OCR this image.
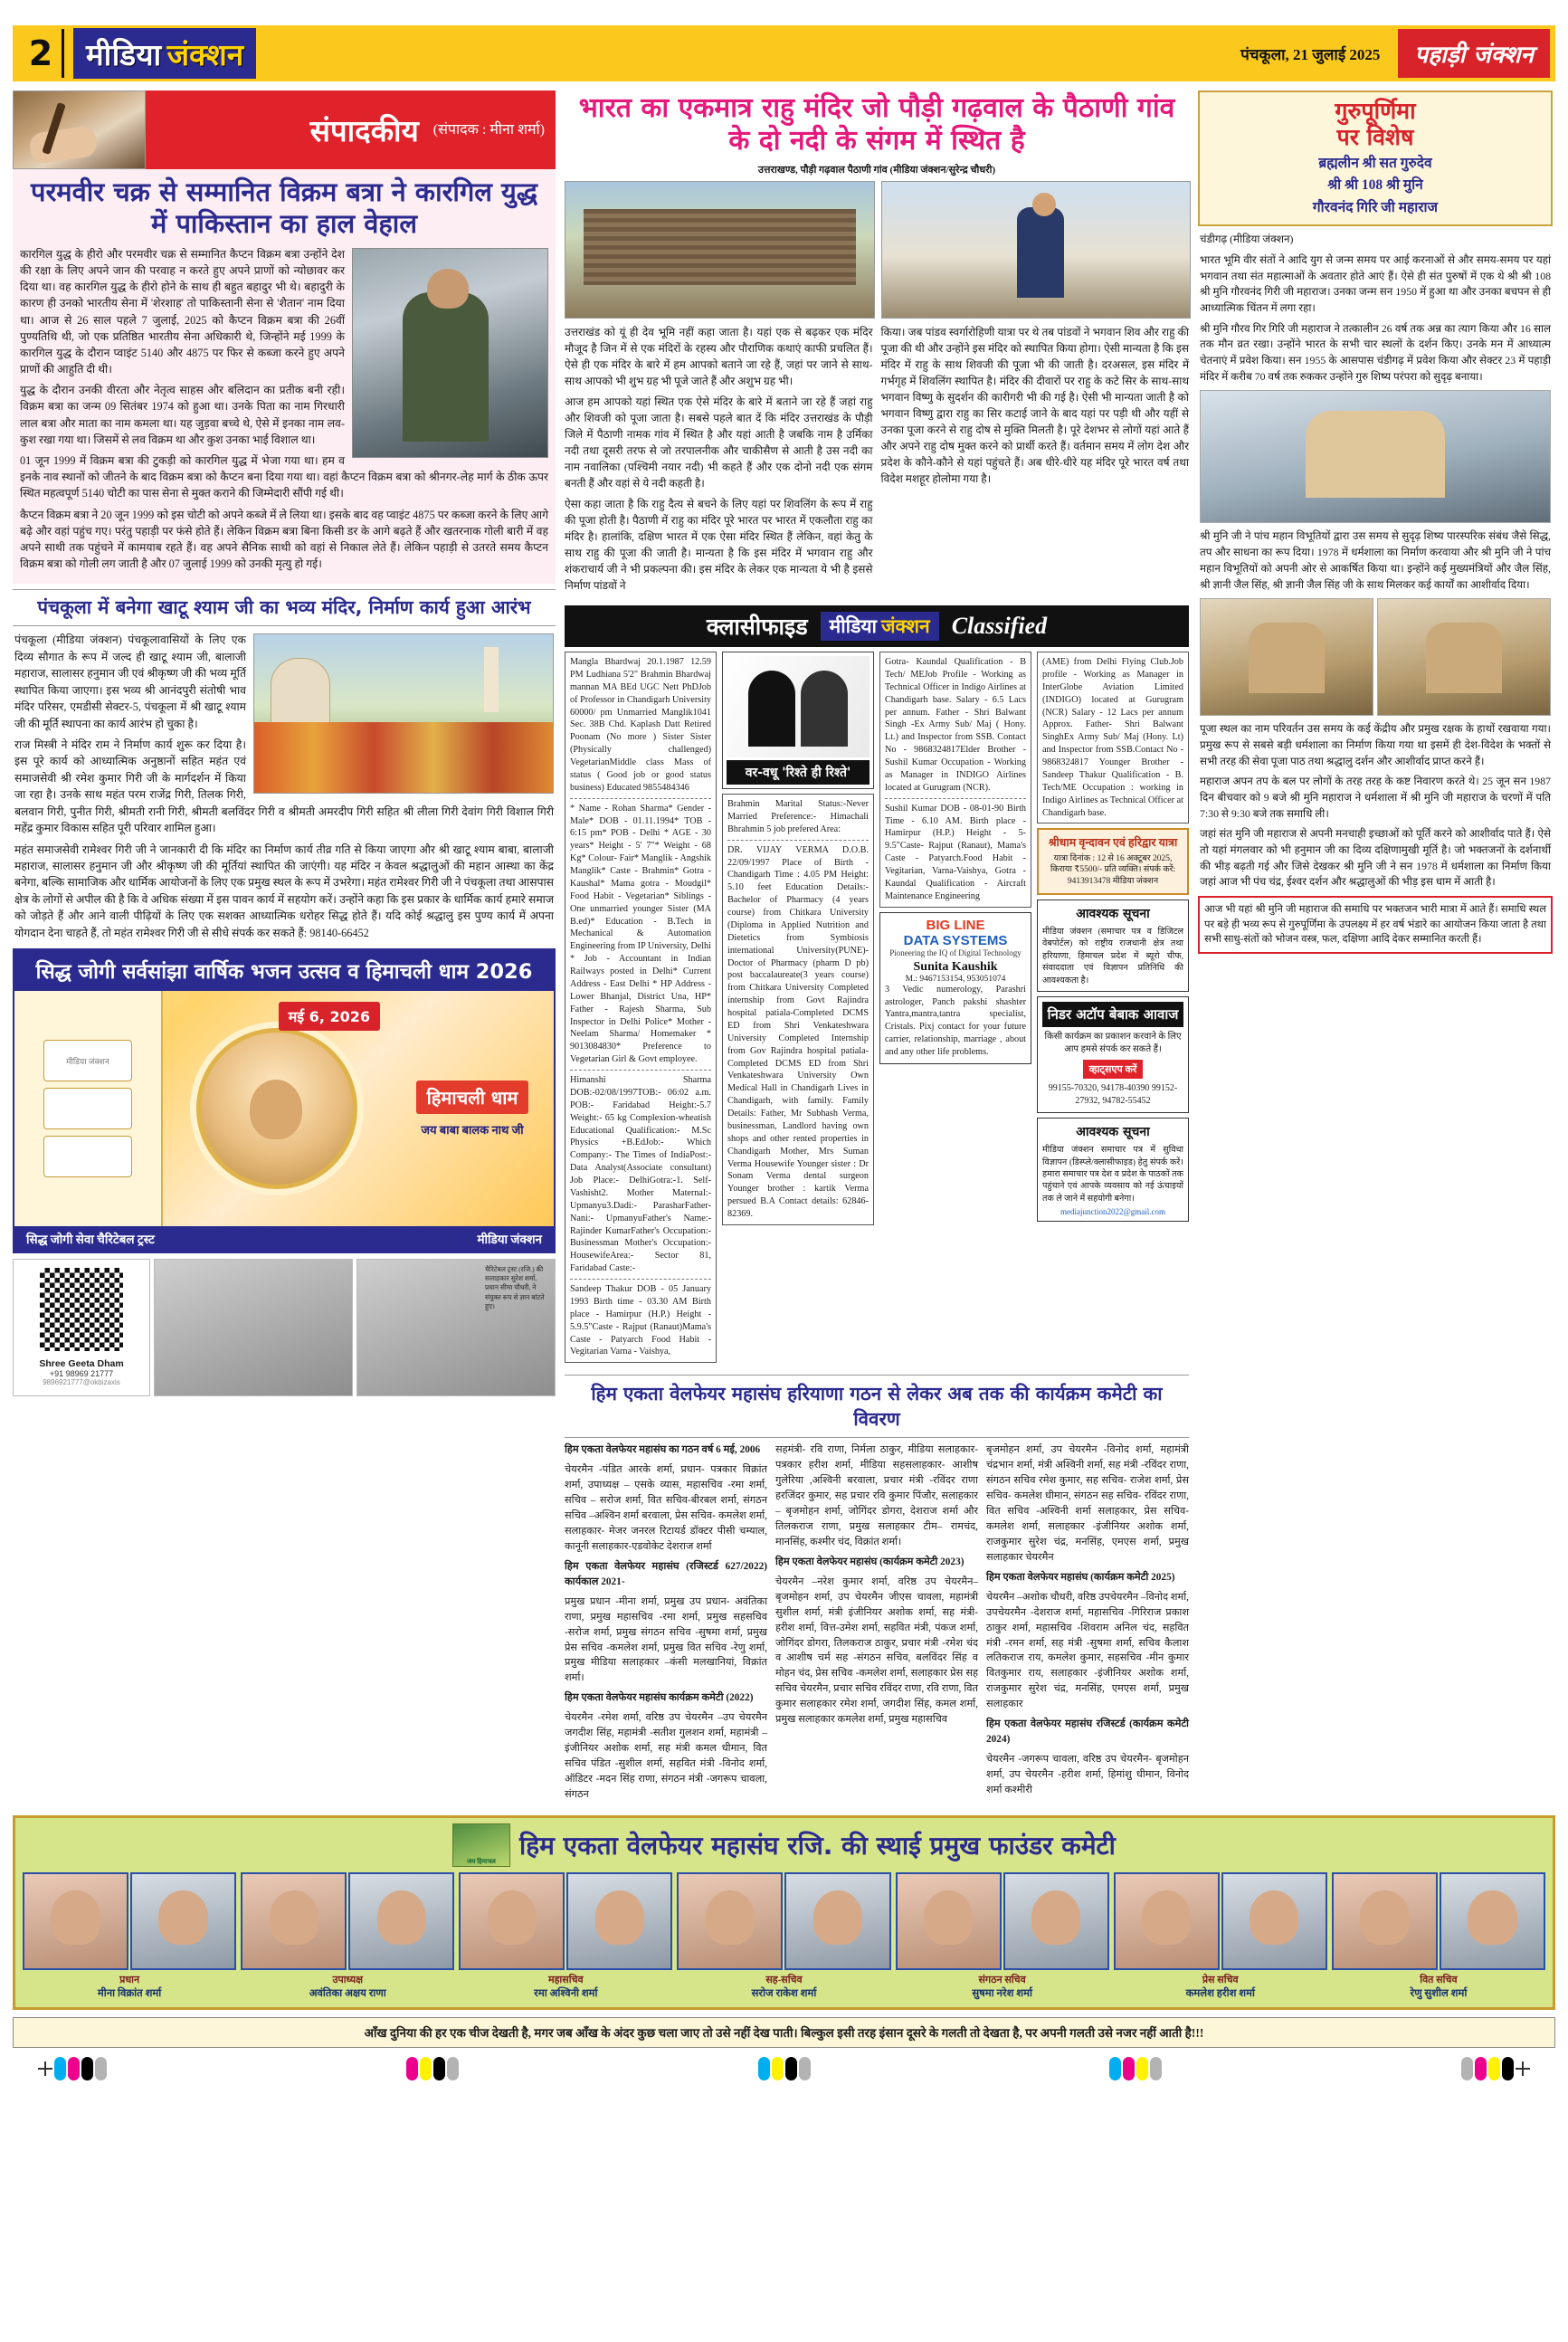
2	मीडिया जंक्शन	पंचकूला, 21 जुलाई 2025	पहाड़ी जंक्शन
संपादकीय (संपादक : मीना शर्मा)
परमवीर चक्र से सम्मानित विक्रम बत्रा ने कारगिल युद्ध में पाकिस्तान का हाल वेहाल

कारगिल युद्ध के हीरो और परमवीर चक्र से सम्मानित कैप्टन विक्रम बत्रा उन्होंने देश की रक्षा के लिए अपने जान की परवाह न करते हुए अपने प्राणों को न्योछावर कर दिया था। वह कारगिल युद्ध के हीरो होने के साथ ही बहुत बहादुर भी थे। बहादुरी के कारण ही उनको भारतीय सेना में 'शेरशाह' तो पाकिस्तानी सेना से 'शैतान' नाम दिया था। आज से 26 साल पहले 7 जुलाई, 2025 को कैप्टन विक्रम बत्रा की 26वीं पुण्यतिथि थी, जो एक प्रतिष्ठित भारतीय सेना अधिकारी थे, जिन्होंने मई 1999 के कारगिल युद्ध के दौरान प्वाइंट 5140 और 4875 पर फिर से कब्जा करने हुए अपने प्राणों की आहुति दी थी।

युद्ध के दौरान उनकी वीरता और नेतृत्व साहस और बलिदान का प्रतीक बनी रही। विक्रम बत्रा का जन्म 09 सितंबर 1974 को हुआ था। उनके पिता का नाम गिरधारी लाल बत्रा और माता का नाम कमला था। यह जुड़वा बच्चे थे, ऐसे में इनका नाम लव-कुश रखा गया था। जिसमें से लव विक्रम था और कुश उनका भाई विशाल था।

01 जून 1999 में विक्रम बत्रा की टुकड़ी को कारगिल युद्ध में भेजा गया था। हम व इनके नाव स्थानों को जीतने के बाद विक्रम बत्रा को कैप्टन बना दिया गया था। वहां कैप्टन विक्रम बत्रा को श्रीनगर-लेह मार्ग के ठीक ऊपर स्थित महत्वपूर्ण 5140 चोटी का पास सेना से मुक्त कराने की जिम्मेदारी सौंपी गई थी।

कैप्टन विक्रम बत्रा ने 20 जून 1999 को इस चोटी को अपने कब्जे में ले लिया था। इसके बाद वह प्वाइंट 4875 पर कब्जा करने के लिए आगे बढ़े और वहां पहुंच गए। परंतु पहाड़ी पर फंसे होते हैं। लेकिन विक्रम बत्रा बिना किसी डर के आगे बढ़ते हैं और खतरनाक गोली बारी में वह अपने साथी तक पहुंचने में कामयाब रहते हैं। वह अपने सैनिक साथी को वहां से निकाल लेते हैं। लेकिन पहाड़ी से उतरते समय कैप्टन विक्रम बत्रा को गोली लग जाती है और 07 जुलाई 1999 को उनकी मृत्यु हो गई।

पंचकूला में बनेगा खाटू श्याम जी का भव्य मंदिर, निर्माण कार्य हुआ आरंभ

पंचकूला (मीडिया जंक्शन) पंचकूलावासियों के लिए एक दिव्य सौगात के रूप में जल्द ही खाटू श्याम जी, बालाजी महाराज, सालासर हनुमान जी एवं श्रीकृष्ण जी की भव्य मूर्ति स्थापित किया जाएगा। इस भव्य श्री आनंदपुरी संतोषी भाव मंदिर परिसर, एमडीसी सेक्टर-5, पंचकूला में श्री खाटू श्याम जी की मूर्ति स्थापना का कार्य आरंभ हो चुका है।

राज मिस्त्री ने मंदिर राम ने निर्माण कार्य शुरू कर दिया है। इस पूरे कार्य को आध्यात्मिक अनुष्ठानों सहित महंत एवं समाजसेवी श्री रमेश कुमार गिरी जी के मार्गदर्शन में किया जा रहा है। उनके साथ महंत परम राजेंद्र गिरी, तिलक गिरी, बलवान गिरी, पुनीत गिरी, श्रीमती रानी गिरी, श्रीमती बलविंदर गिरी व श्रीमती अमरदीप गिरी सहित श्री लीला गिरी देवांग गिरी विशाल गिरी महेंद्र कुमार विकास सहित पूरी परिवार शामिल हुआ।

महंत समाजसेवी रामेश्वर गिरी जी ने जानकारी दी कि मंदिर का निर्माण कार्य तीव्र गति से किया जाएगा और श्री खाटू श्याम बाबा, बालाजी महाराज, सालासर हनुमान जी और श्रीकृष्ण जी की मूर्तियां स्थापित की जाएंगी। यह मंदिर न केवल श्रद्धालुओं की महान आस्था का केंद्र बनेगा, बल्कि सामाजिक और धार्मिक आयोजनों के लिए एक प्रमुख स्थल के रूप में उभरेगा। महंत रामेश्वर गिरी जी ने पंचकूला तथा आसपास क्षेत्र के लोगों से अपील की है कि वे अधिक संख्या में इस पावन कार्य में सहयोग करें। उन्होंने कहा कि इस प्रकार के धार्मिक कार्य हमारे समाज को जोड़ते हैं और आने वाली पीढ़ियों के लिए एक सशक्त आध्यात्मिक धरोहर सिद्ध होते हैं। यदि कोई श्रद्धालु इस पुण्य कार्य में अपना योगदान देना चाहते हैं, तो महंत रामेश्वर गिरी जी से सीधे संपर्क कर सकते हैं: 98140-66452

सिद्ध जोगी सर्वसांझा वार्षिक भजन उत्सव व हिमाचली धाम 2026
मीडिया जंक्शन
मई 6, 2026
हिमाचली धाम
जय बाबा बालक नाथ जी
सिद्ध जोगी सेवा चैरिटेबल ट्रस्ट	मीडिया जंक्शन
Shree Geeta Dham
+91 98969 21777
9896921777@okbizaxis
चैरिटेबल ट्रस्ट (रजि.) की सलाहकार सुरेश शर्मा, प्रधान सीमा चौधरी, ने संयुक्त रूप से ज्ञान बांटते हुए।
भारत का एकमात्र राहु मंदिर जो पौड़ी गढ़वाल के पैठाणी गांव के दो नदी के संगम में स्थित है
उत्तराखण्ड, पौड़ी गढ़वाल पैठाणी गांव (मीडिया जंक्शन/सुरेन्द्र चौधरी)

उत्तराखंड को यूं ही देव भूमि नहीं कहा जाता है। यहां एक से बढ़कर एक मंदिर मौजूद है जिन में से एक मंदिरों के रहस्य और पौराणिक कथाएं काफी प्रचलित हैं। ऐसे ही एक मंदिर के बारे में हम आपको बताने जा रहे हैं, जहां पर जाने से साथ-साथ आपको भी शुभ ग्रह भी पूजे जाते हैं और अशुभ ग्रह भी।

आज हम आपको यहां स्थित एक ऐसे मंदिर के बारे में बताने जा रहे हैं जहां राहु और शिवजी को पूजा जाता है। सबसे पहले बात दें कि मंदिर उत्तराखंड के पौड़ी जिले में पैठाणी नामक गांव में स्थित है और यहां आती है जबकि नाम है उर्मिका नदी तथा दूसरी तरफ से जो तरपालनीक और चाकीसैण से आती है उस नदी का नाम नवालिका (पश्चिमी नयार नदी) भी कहते हैं और एक दोनो नदी एक संगम बनती हैं और वहां से ये नदी कहती है।

ऐसा कहा जाता है कि राहु दैत्य से बचने के लिए यहां पर शिवलिंग के रूप में राहु की पूजा होती है। पैठाणी में राहु का मंदिर पूरे भारत पर भारत में एकलौता राहु का मंदिर है। हालांकि, दक्षिण भारत में एक ऐसा मंदिर स्थित हैं लेकिन, वहां केतु के साथ राहु की पूजा की जाती है। मान्यता है कि इस मंदिर में भगवान राहु और शंकराचार्य जी ने भी प्रकल्पना की। इस मंदिर के लेकर एक मान्यता ये भी है इससे निर्माण पांडवों ने

किया। जब पांडव स्वर्गारोहिणी यात्रा पर थे तब पांडवों ने भगवान शिव और राहु की पूजा की थी और उन्होंने इस मंदिर को स्थापित किया होगा। ऐसी मान्यता है कि इस मंदिर में राहु के साथ शिवजी की पूजा भी की जाती है। दरअसल, इस मंदिर में गर्भगृह में शिवलिंग स्थापित है। मंदिर की दीवारों पर राहु के कटे सिर के साथ-साथ भगवान विष्णु के सुदर्शन की कारीगरी भी की गई है। ऐसी भी मान्यता जाती है को भगवान विष्णु द्वारा राहु का सिर कटाई जाने के बाद यहां पर पड़ी थी और यहीं से उनका पूजा करने से राहु दोष से मुक्ति मिलती है। पूरे देशभर से लोगों यहां आते हैं और अपने राहु दोष मुक्त करने को प्रार्थी करते हैं। वर्तमान समय में लोग देश और प्रदेश के कौने-कौने से यहां पहुंचते हैं। अब धीरे-धीरे यह मंदिर पूरे भारत वर्ष तथा विदेश मशहूर होलोमा गया है।

क्लासीफाइड मीडिया जंक्शन Classified
Mangla Bhardwaj 20.1.1987 12.59 PM Ludhiana 5'2" Brahmin Bhardwaj mannan MA BEd UGC Nett PhDJob of Professor in Chandigarh University 60000/ pm Unmarried Manglik1041 Sec. 38B Chd. Kaplash Datt Retired Poonam (No more ) Sister Sister (Physically challenged) VegetarianMiddle class Mass of status ( Good job or good status business) Educated 9855484346
* Name - Rohan Sharma* Gender - Male* DOB - 01.11.1994* TOB - 6:15 pm* POB - Delhi * AGE - 30 years* Height - 5' 7"* Weight - 68 Kg* Colour- Fair* Manglik - Angshik Manglik* Caste - Brahmin* Gotra - Kaushal* Mama gotra - Moudgil* Food Habit - Vegetarian* Siblings - One unmarried younger Sister (MA B.ed)* Education - B.Tech in Mechanical & Automation Engineering from IP University, Delhi * Job - Accountant in Indian Railways posted in Delhi* Current Address - East Delhi * HP Address - Lower Bhanjal, District Una, HP* Father - Rajesh Sharma, Sub Inspector in Delhi Police* Mother - Neelam Sharma/ Homemaker * 9013084830* Preference to Vegetarian Girl & Govt employee.
Himanshi Sharma DOB:-02/08/1997TOB:- 06:02 a.m. POB:- Faridabad Height:-5.7 Weight:- 65 kg Complexion-wheatish Educational Qualification:- M.Sc Physics +B.EdJob:- Which Company:- The Times of IndiaPost:- Data Analyst(Associate consultant) Job Place:- DelhiGotra:-1. Self-Vashisht2. Mother Maternal:-Upmanyu3.Dadi:- ParasharFather-Nani:- UpmanyuFather's Name:- Rajinder KumarFather's Occupation:- Businessman Mother's Occupation:- HousewifeArea:- Sector 81, Faridabad Caste:-
Sandeep Thakur DOB - 05 January 1993 Birth time - 03.30 AM Birth place - Hamirpur (H.P.) Height - 5.9.5"Caste - Rajput (Ranaut)Mama's Caste - Patyarch Food Habit - Vegitarian Varna - Vaishya,
वर-वधू 'रिश्ते ही रिश्ते'
Brahmin Marital Status:-Never Married Preference:- Himachali Bhrahmin 5 job prefered Area:
DR. VIJAY VERMA D.O.B. 22/09/1997 Place of Birth - Chandigarh Time : 4.05 PM Height: 5.10 feet Education Details:- Bachelor of Pharmacy (4 years course) from Chitkara University (Diploma in Applied Nutrition and Dietetics from Symbiosis international University(PUNE)- Doctor of Pharmacy (pharm D pb) post baccalaureate(3 years course) from Chitkara University Completed internship from Govt Rajindra hospital patiala-Completed DCMS ED from Shri Venkateshwara University Completed Internship from Gov Rajindra hospital patiala-Completed DCMS ED from Shri Venkateshwara University Own Medical Hall in Chandigarh Lives in Chandigarh, with family. Family Details: Father, Mr Subhash Verma, businessman, Landlord having own shops and other rented properties in Chandigarh Mother, Mrs Suman Verma Housewife Younger sister : Dr Sonam Verma dental surgeon Younger brother : kartik Verma persued B.A Contact details: 62846-82369.
Gotra- Kaundal Qualification - B Tech/ MEJob Profile - Working as Technical Officer in Indigo Airlines at Chandigarh base. Salary - 6.5 Lacs per annum. Father - Shri Balwant Singh -Ex Army Sub/ Maj ( Hony. Lt.) and Inspector from SSB. Contact No - 9868324817Elder Brother - Sushil Kumar Occupation - Working as Manager in INDIGO Airlines located at Gurugram (NCR).
Sushil Kumar DOB - 08-01-90 Birth Time - 6.10 AM. Birth place - Hamirpur (H.P.) Height - 5-9.5"Caste- Rajput (Ranaut), Mama's Caste - Patyarch.Food Habit - Vegitarian, Varna-Vaishya, Gotra - Kaundal Qualification - Aircraft Maintenance Engineering
BIG LINE
DATA SYSTEMS
Pioneering the IQ of Digital Technology
Sunita Kaushik
M.: 9467153154, 953051074
3 Vedic numerology, Parashri astrologer, Panch pakshi shashter Yantra,mantra,tantra specialist, Cristals. Pixj contact for your future carrier, relationship, marriage , about and any other life problems.
(AME) from Delhi Flying Club.Job profile - Working as Manager in InterGlobe Aviation Limited (INDIGO) located at Gurugram (NCR) Salary - 12 Lacs per annum Approx. Father- Shri Balwant SinghEx Army Sub/ Maj (Hony. Lt) and Inspector from SSB.Contact No - 9868324817 Younger Brother - Sandeep Thakur Qualification - B. Tech/ME Occupation : working in Indigo Airlines as Technical Officer at Chandigarh base.
श्रीधाम वृन्दावन एवं हरिद्वार यात्रा
यात्रा दिनांक : 12 से 16 अक्टूबर 2025, किराया ₹5500/- प्रति व्यक्ति। संपर्क करें: 9413913478 मीडिया जंक्शन
आवश्यक सूचना
मीडिया जंक्शन (समाचार पत्र व डिजिटल वेबपोर्टल) को राष्ट्रीय राजधानी क्षेत्र तथा हरियाणा, हिमाचल प्रदेश में ब्यूरो चीफ, संवाददाता एवं विज्ञापन प्रतिनिधि की आवश्यकता है।
निडर अटॉप बेबाक आवाज
किसी कार्यक्रम का प्रकाशन करवाने के लिए आप हमसे संपर्क कर सकते हैं।
व्हाट्सएप करें
99155-70320, 94178-40390 99152-27932, 94782-55452
आवश्यक सूचना
मीडिया जंक्शन समाचार पत्र में सुविधा विज्ञापन (डिस्प्ले/क्लासीफाइड) हेतु संपर्क करें। हमारा समाचार पत्र देश व प्रदेश के पाठकों तक पहुंचाने एवं आपके व्यवसाय को नई ऊंचाइयों तक ले जाने में सहयोगी बनेगा।
mediajunction2022@gmail.com
हिम एकता वेलफेयर महासंघ हरियाणा गठन से लेकर अब तक की कार्यक्रम कमेटी का विवरण

हिम एकता वेलफेयर महासंघ का गठन वर्ष 6 मई, 2006

चेयरमैन -पंडित आरके शर्मा, प्रधान- पत्रकार विक्रांत शर्मा, उपाध्यक्ष – एसके व्यास, महासचिव -रमा शर्मा, सचिव – सरोज शर्मा, वित सचिव-बीरबल शर्मा, संगठन सचिव –अश्विन शर्मा बरवाला, प्रेस सचिव- कमलेश शर्मा, सलाहकार- मेजर जनरल रिटायर्ड डॉक्टर पीसी चम्याल, कानूनी सलाहकार-एडवोकेट देशराज शर्मा

हिम एकता वेलफेयर महासंघ (रजिस्टर्ड 627/2022) कार्यकाल 2021-

प्रमुख प्रधान -मीना शर्मा, प्रमुख उप प्रधान- अवंतिका राणा, प्रमुख महासचिव -रमा शर्मा, प्रमुख सहसचिव -सरोज शर्मा, प्रमुख संगठन सचिव -सुषमा शर्मा, प्रमुख प्रेस सचिव -कमलेश शर्मा, प्रमुख वित सचिव -रेणु शर्मा, प्रमुख मीडिया सलाहकार –कंसी मलखानियां, विक्रांत शर्मा।

हिम एकता वेलफेयर महासंघ कार्यक्रम कमेटी (2022)

चेयरमैन -रमेश शर्मा, वरिष्ठ उप चेयरमैन –उप चेयरमैन जगदीश सिंह, महामंत्री -सतीश गुलशन शर्मा, महामंत्री – इंजीनियर अशोक शर्मा, सह मंत्री कमल धीमान, वित सचिव पंडित -सुशील शर्मा, सहवित मंत्री -विनोद शर्मा, ऑडिटर -मदन सिंह राणा, संगठन मंत्री -जगरूप चावला, संगठन

सहमंत्री- रवि राणा, निर्मला ठाकुर, मीडिया सलाहकार- पत्रकार हरीश शर्मा, मीडिया सहसलाहकार- आशीष गुलेरिया ,अश्विनी बरवाला, प्रचार मंत्री -रविंदर राणा हरजिंदर कुमार, सह प्रचार रवि कुमार पिंजौर, सलाहकार – बृजमोहन शर्मा, जोगिंदर डोगरा, देशराज शर्मा और तिलकराज राणा, प्रमुख सलाहकार टीम– रामचंद, मानसिंह, कश्मीर चंद, विक्रांत शर्मा।

हिम एकता वेलफेयर महासंघ (कार्यक्रम कमेटी 2023)

चेयरमैन –नरेश कुमार शर्मा, वरिष्ठ उप चेयरमैन– बृजमोहन शर्मा, उप चेयरमैन जीएस चावला, महामंत्री सुशील शर्मा, मंत्री इंजीनियर अशोक शर्मा, सह मंत्री- हरीश शर्मा, वित्त-उमेश शर्मा, सहवित मंत्री, पंकज शर्मा, जोगिंदर डोगरा, तिलकराज ठाकुर, प्रचार मंत्री -रमेश चंद व आशीष चर्म सह -संगठन सचिव, बलविंदर सिंह व मोहन चंद, प्रेस सचिव -कमलेश शर्मा, सलाहकार प्रेस सह सचिव चेयरमैन, प्रचार सचिव रविंदर राणा, रवि राणा, वित कुमार सलाहकार रमेश शर्मा, जगदीश सिंह, कमल शर्मा, प्रमुख सलाहकार कमलेश शर्मा, प्रमुख महासचिव

बृजमोहन शर्मा, उप चेयरमैन -विनोद शर्मा, महामंत्री चंद्रभान शर्मा, मंत्री अश्विनी शर्मा, सह मंत्री -रविंदर राणा, संगठन सचिव रमेश कुमार, सह सचिव- राजेश शर्मा, प्रेस सचिव- कमलेश धीमान, संगठन सह सचिव- रविंदर राणा, वित सचिव -अश्विनी शर्मा सलाहकार, प्रेस सचिव- कमलेश शर्मा, सलाहकार -इंजीनियर अशोक शर्मा, राजकुमार सुरेश चंद्र, मनसिंह, एमएस शर्मा, प्रमुख सलाहकार चेयरमैन

हिम एकता वेलफेयर महासंघ (कार्यक्रम कमेटी 2025)

चेयरमैन –अशोक चौधरी, वरिष्ठ उपचेयरमैन –विनोद शर्मा, उपचेयरमैन -देशराज शर्मा, महासचिव -गिरिराज प्रकाश ठाकुर शर्मा, महासचिव -शिवराम अनिल चंद, सहवित मंत्री -रमन शर्मा, सह मंत्री -सुषमा शर्मा, सचिव कैलाश लतिकराज राय, कमलेश कुमार, सहसचिव -मीन कुमार वितकुमार राय, सलाहकार -इंजीनियर अशोक शर्मा, राजकुमार सुरेश चंद्र, मनसिंह, एमएस शर्मा, प्रमुख सलाहकार

हिम एकता वेलफेयर महासंघ रजिस्टर्ड (कार्यक्रम कमेटी 2024)

चेयरमैन -जगरूप चावला, वरिष्ठ उप चेयरमैन- बृजमोहन शर्मा, उप चेयरमैन -हरीश शर्मा, हिमांशु धीमान, विनोद शर्मा कश्मीरी

गुरुपूर्णिमा
पर विशेष
ब्रह्मलीन श्री सत गुरुदेव
श्री श्री 108 श्री मुनि
गौरवनंद गिरि जी महाराज

चंडीगढ़ (मीडिया जंक्शन)

भारत भूमि वीर संतों ने आदि युग से जन्म समय पर आई करनाओं से और समय-समय पर यहां भगवान तथा संत महात्माओं के अवतार होते आएं हैं। ऐसे ही संत पुरुषों में एक थे श्री श्री 108 श्री मुनि गौरवनंद गिरी जी महाराज। उनका जन्म सन 1950 में हुआ था और उनका बचपन से ही आध्यात्मिक चिंतन में लगा रहा।

श्री मुनि गौरव गिर गिरि जी महाराज ने तत्कालीन 26 वर्ष तक अन्न का त्याग किया और 16 साल तक मौन व्रत रखा। उन्होंने भारत के सभी चार स्थलों के दर्शन किए। उनके मन में आध्यात्म चेतनाएं में प्रवेश किया। सन 1955 के आसपास चंडीगढ़ में प्रवेश किया और सेक्टर 23 में पहाड़ी मंदिर में करीब 70 वर्ष तक रुककर उन्होंने गुरु शिष्य परंपरा को सुदृढ़ बनाया।

श्री मुनि जी ने पांच महान विभूतियों द्वारा उस समय से सुदृढ़ शिष्य पारस्परिक संबंध जैसे सिद्ध, तप और साधना का रूप दिया। 1978 में धर्मशाला का निर्माण करवाया और श्री मुनि जी ने पांच महान विभूतियों को अपनी ओर से आकर्षित किया था। इन्होंने कई मुख्यमंत्रियों और जैल सिंह, श्री ज्ञानी जैल सिंह, श्री ज्ञानी जैल सिंह जी के साथ मिलकर कई कार्यों का आशीर्वाद दिया।

पूजा स्थल का नाम परिवर्तन उस समय के कई केंद्रीय और प्रमुख रक्षक के हाथों रखवाया गया। प्रमुख रूप से सबसे बड़ी धर्मशाला का निर्माण किया गया था इसमें ही देश-विदेश के भक्तों से सभी तरह की सेवा पूजा पाठ तथा श्रद्धालु दर्शन और आशीर्वाद प्राप्त करने हैं।

महाराज अपन तप के बल पर लोगों के तरह तरह के कष्ट निवारण करते थे। 25 जून सन 1987 दिन बीचवार को 9 बजे श्री मुनि महाराज ने धर्मशाला में श्री मुनि जी महाराज के चरणों में पति 7:30 से 9:30 बजे तक समाधि ली।

जहां संत मुनि जी महाराज से अपनी मनचाही इच्छाओं को पूर्ति करने को आशीर्वाद पाते हैं। ऐसे तो यहां मंगलवार को भी हनुमान जी का दिव्य दक्षिणामुखी मूर्ति है। जो भक्तजनों के दर्शनार्थी की भीड़ बढ़ती गई और जिसे देखकर श्री मुनि जी ने सन 1978 में धर्मशाला का निर्माण किया जहां आज भी पंच चंद्र, ईश्वर दर्शन और श्रद्धालुओं की भीड़ इस धाम में आती है।

आज भी यहां श्री मुनि जी महाराज की समाधि पर भक्तजन भारी मात्रा में आते हैं। समाधि स्थल पर बड़े ही भव्य रूप से गुरुपूर्णिमा के उपलक्ष्य में हर वर्ष भंडारे का आयोजन किया जाता है तथा सभी साधु-संतों को भोजन वस्त्र, फल, दक्षिणा आदि देकर सम्मानित करती हैं।
जय हिमाचल
हिम एकता वेलफेयर महासंघ रजि. की स्थाई प्रमुख फाउंडर कमेटी
प्रधान
मीना विक्रांत शर्मा
उपाध्यक्ष
अवंतिका अक्षय राणा
महासचिव
रमा अश्विनी शर्मा
सह-सचिव
सरोज राकेश शर्मा
संगठन सचिव
सुषमा नरेश शर्मा
प्रेस सचिव
कमलेश हरीश शर्मा
वित सचिव
रेणु सुशील शर्मा
आँख दुनिया की हर एक चीज देखती है, मगर जब आँख के अंदर कुछ चला जाए तो उसे नहीं देख पाती। बिल्कुल इसी तरह इंसान दूसरे के गलती तो देखता है, पर अपनी गलती उसे नजर नहीं आती है!!!
